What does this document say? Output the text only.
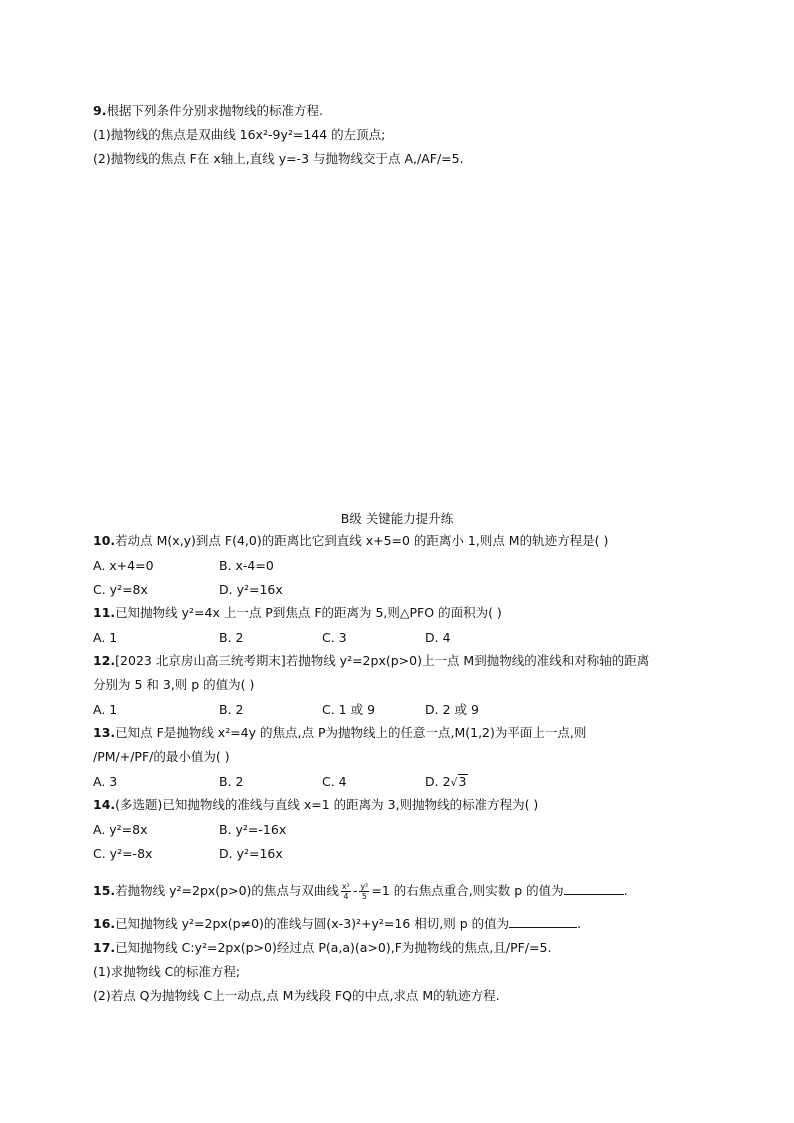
9.根据下列条件分别求抛物线的标准方程.
(1)抛物线的焦点是双曲线 16x²-9y²=144 的左顶点;
(2)抛物线的焦点 F在 x轴上,直线 y=-3 与抛物线交于点 A,/AF/=5.
B级 关键能力提升练
10.若动点 M(x,y)到点 F(4,0)的距离比它到直线 x+5=0 的距离小 1,则点 M的轨迹方程是( )
A. x+4=0	B. x-4=0
C. y²=8x	D. y²=16x
11.已知抛物线 y²=4x 上一点 P到焦点 F的距离为 5,则△PFO 的面积为( )
A. 1	B. 2	C. 3	D. 4
12.[2023 北京房山高三统考期末]若抛物线 y²=2px(p>0)上一点 M到抛物线的准线和对称轴的距离
分别为 5 和 3,则 p 的值为( )
A. 1	B. 2	C. 1 或 9	D. 2 或 9
13.已知点 F是抛物线 x²=4y 的焦点,点 P为抛物线上的任意一点,M(1,2)为平面上一点,则
/PM/+/PF/的最小值为( )
A. 3	B. 2	C. 4	D. 2√3
14.(多选题)已知抛物线的准线与直线 x=1 的距离为 3,则抛物线的标准方程为( )
A. y²=8x	B. y²=-16x
C. y²=-8x	D. y²=16x
15.若抛物线 y²=2px(p>0)的焦点与双曲线 $\frac{\text{x²}}{4} - \frac{\text{y²}}{5} =1$ 的右焦点重合,则实数 p 的值为	.
16.已知抛物线 y²=2px(p≠0)的准线与圆(x-3)²+y²=16 相切,则 p 的值为	.
17.已知抛物线 C:y²=2px(p>0)经过点 P(a,a)(a>0),F为抛物线的焦点,且/PF/=5.
(1)求抛物线 C的标准方程;
(2)若点 Q为抛物线 C上一动点,点 M为线段 FQ的中点,求点 M的轨迹方程.
